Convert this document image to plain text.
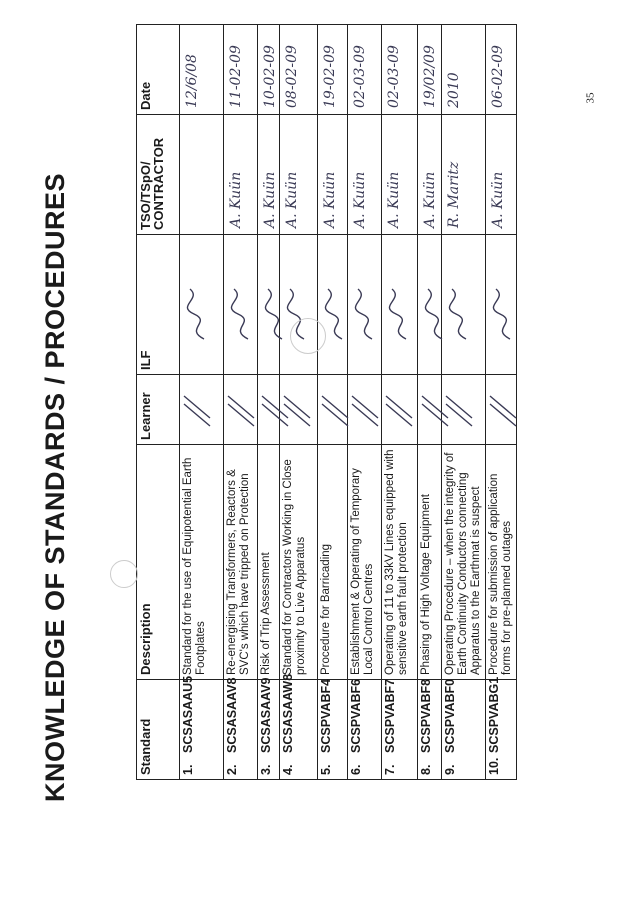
KNOWLEDGE OF STANDARDS / PROCEDURES	Standard	Description	Learner	ILF	TSO/TSpO/ CONTRACTOR	Date
1.SCSASAAU5	Standard for the use of Equipotential Earth Footplates				12/6/08

2.SCSASAAV8	Re-energising Transformers, Reactors & SVC's which have tripped on Protection			A. Kuün	11-02-09

3.SCSASAAV9	Risk of Trip Assessment			A. Kuün	10-02-09

4.SCSASAAW8	Standard for Contractors Working in Close proximity to Live Apparatus			A. Kuün	08-02-09

5.SCSPVABF4	Procedure for Barricading			A. Kuün	19-02-09

6.SCSPVABF6	Establishment & Operating of Temporary Local Control Centres			A. Kuün	02-03-09

7.SCSPVABF7	Operating of 11 to 33kV Lines equipped with sensitive earth fault protection			A. Kuün	02-03-09

8.SCSPVABF8	Phasing of High Voltage Equipment			A. Kuün	19/02/09

9.SCSPVABF0	Operating Procedure – when the integrity of Earth Continuity Conductors connecting Apparatus to the Earthmat is suspect			R. Maritz	2010

10.SCSPVABG1	Procedure for submission of application forms for pre-planned outages			A. Kuün	06-02-09	35
